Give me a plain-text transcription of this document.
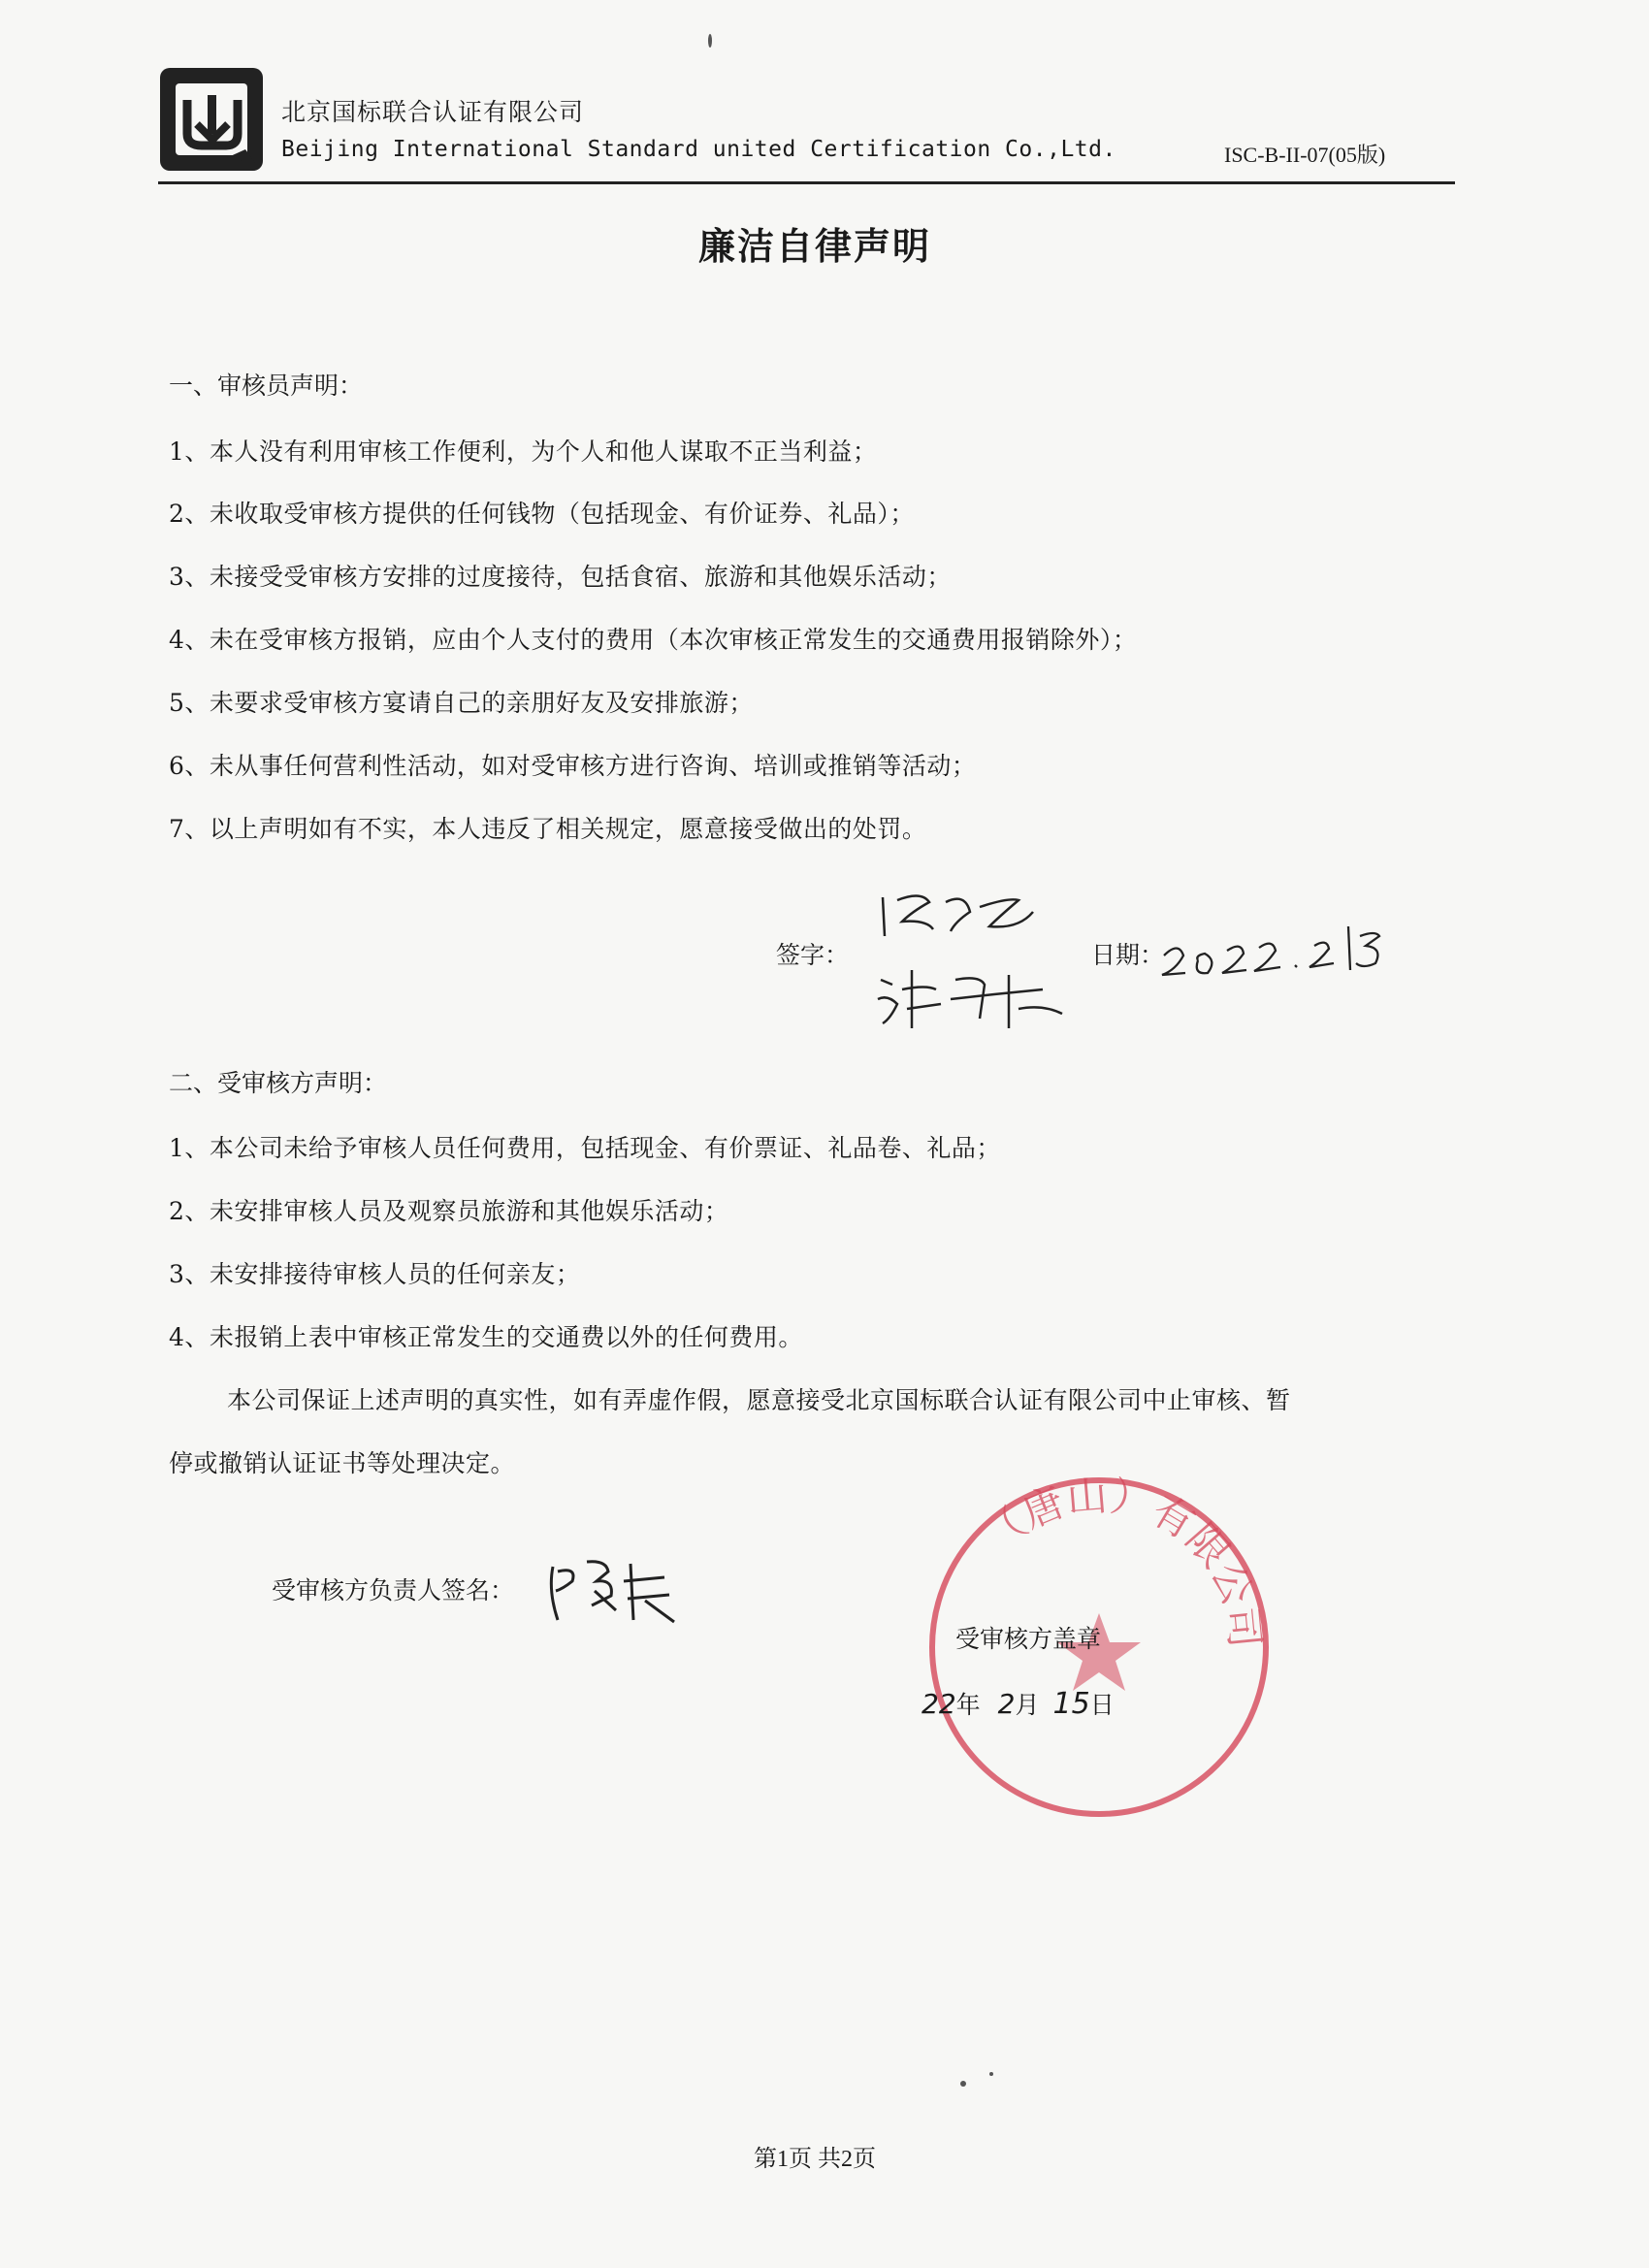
北京国标联合认证有限公司
Beijing International Standard united Certification Co.,Ltd.	ISC-B-II-07(05版)
廉洁自律声明
一、审核员声明：
1、本人没有利用审核工作便利，为个人和他人谋取不正当利益；
2、未收取受审核方提供的任何钱物（包括现金、有价证券、礼品）；
3、未接受受审核方安排的过度接待，包括食宿、旅游和其他娱乐活动；
4、未在受审核方报销，应由个人支付的费用（本次审核正常发生的交通费用报销除外）；
5、未要求受审核方宴请自己的亲朋好友及安排旅游；
6、未从事任何营利性活动，如对受审核方进行咨询、培训或推销等活动；
7、以上声明如有不实，本人违反了相关规定，愿意接受做出的处罚。
签字：	日期：
二、受审核方声明：
1、本公司未给予审核人员任何费用，包括现金、有价票证、礼品卷、礼品；
2、未安排审核人员及观察员旅游和其他娱乐活动；
3、未安排接待审核人员的任何亲友；
4、未报销上表中审核正常发生的交通费以外的任何费用。
本公司保证上述声明的真实性，如有弄虚作假，愿意接受北京国标联合认证有限公司中止审核、暂
停或撤销认证证书等处理决定。
受审核方负责人签名：
（唐山）有限公司
受审核方盖章
22年 2月 15日
第1页 共2页
